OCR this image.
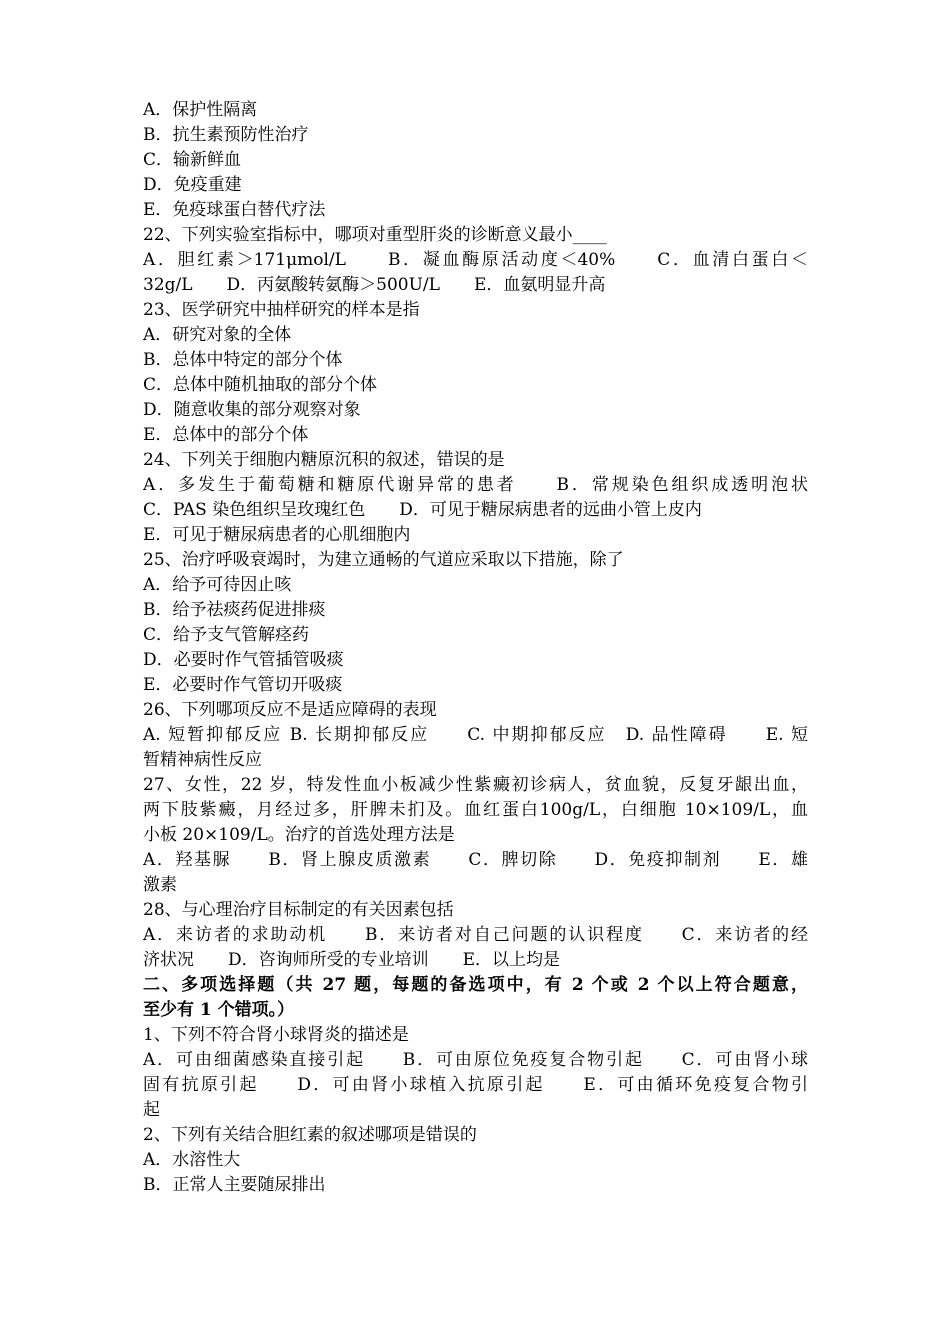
A．保护性隔离
B．抗生素预防性治疗
C．输新鲜血
D．免疫重建
E．免疫球蛋白替代疗法
22、下列实验室指标中，哪项对重型肝炎的诊断意义最小____
A．胆红素＞171μmol/L　　B．凝血酶原活动度＜40%　　C．血清白蛋白＜
32g/L　　D．丙氨酸转氨酶＞500U/L　　E．血氨明显升高
23、医学研究中抽样研究的样本是指
A．研究对象的全体
B．总体中特定的部分个体
C．总体中随机抽取的部分个体
D．随意收集的部分观察对象
E．总体中的部分个体
24、下列关于细胞内糖原沉积的叙述，错误的是
A．多发生于葡萄糖和糖原代谢异常的患者　　B．常规染色组织成透明泡状
C．PAS 染色组织呈玫瑰红色　　D．可见于糖尿病患者的远曲小管上皮内
E．可见于糖尿病患者的心肌细胞内
25、治疗呼吸衰竭时，为建立通畅的气道应采取以下措施，除了
A．给予可待因止咳
B．给予祛痰药促进排痰
C．给予支气管解痉药
D．必要时作气管插管吸痰
E．必要时作气管切开吸痰
26、下列哪项反应不是适应障碍的表现
A. 短暂抑郁反应 B. 长期抑郁反应　　C. 中期抑郁反应　D. 品性障碍　　E. 短
暂精神病性反应
27、女性，22 岁，特发性血小板减少性紫癜初诊病人，贫血貌，反复牙龈出血，
两下肢紫癜，月经过多，肝脾未扪及。血红蛋白100g/L，白细胞 10×109/L，血
小板 20×109/L。治疗的首选处理方法是
A．羟基脲　　B．肾上腺皮质激素　　C．脾切除　　D．免疫抑制剂　　E．雄
激素
28、与心理治疗目标制定的有关因素包括
A．来访者的求助动机　　B．来访者对自己问题的认识程度　　C．来访者的经
济状况　　D．咨询师所受的专业培训　　E．以上均是
二、多项选择题（共 27 题，每题的备选项中，有 2 个或 2 个以上符合题意，
至少有 1 个错项。）
1、下列不符合肾小球肾炎的描述是
A．可由细菌感染直接引起　　B．可由原位免疫复合物引起　　C．可由肾小球
固有抗原引起　　D．可由肾小球植入抗原引起　　E．可由循环免疫复合物引
起
2、下列有关结合胆红素的叙述哪项是错误的
A．水溶性大
B．正常人主要随尿排出
